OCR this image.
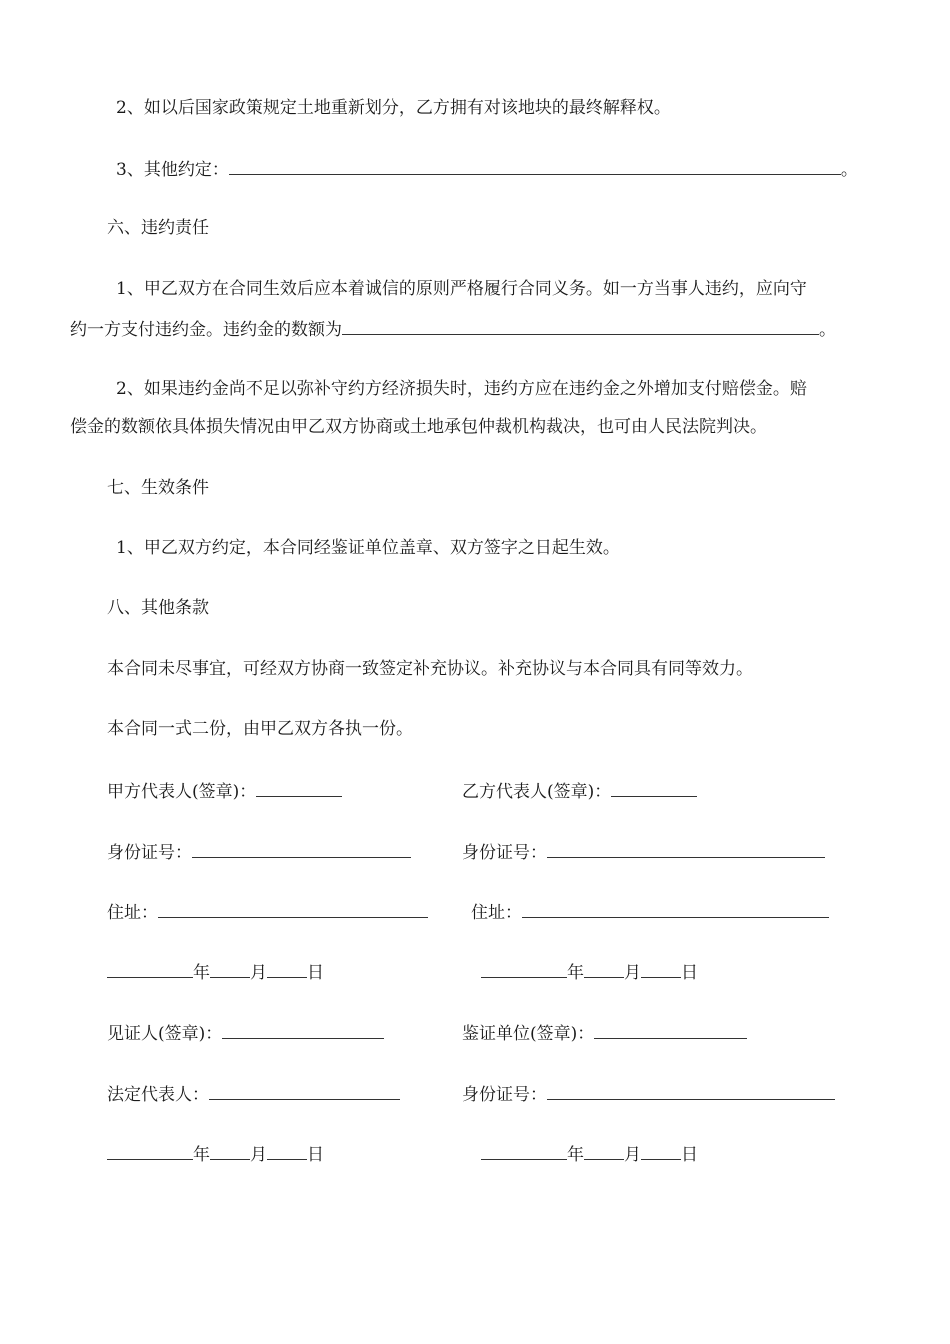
2、如以后国家政策规定土地重新划分，乙方拥有对该地块的最终解释权。
3、其他约定：	。
六、违约责任
1、甲乙双方在合同生效后应本着诚信的原则严格履行合同义务。如一方当事人违约，应向守
约一方支付违约金。违约金的数额为	。
2、如果违约金尚不足以弥补守约方经济损失时，违约方应在违约金之外增加支付赔偿金。赔
偿金的数额依具体损失情况由甲乙双方协商或土地承包仲裁机构裁决，也可由人民法院判决。
七、生效条件
1、甲乙双方约定，本合同经鉴证单位盖章、双方签字之日起生效。
八、其他条款
本合同未尽事宜，可经双方协商一致签定补充协议。补充协议与本合同具有同等效力。
本合同一式二份，由甲乙双方各执一份。
甲方代表人(签章)：	乙方代表人(签章)：
身份证号：	身份证号：
住址：	住址：
年 月 日	年 月 日
见证人(签章)：	鉴证单位(签章)：
法定代表人：	身份证号：
年 月 日	年 月 日
